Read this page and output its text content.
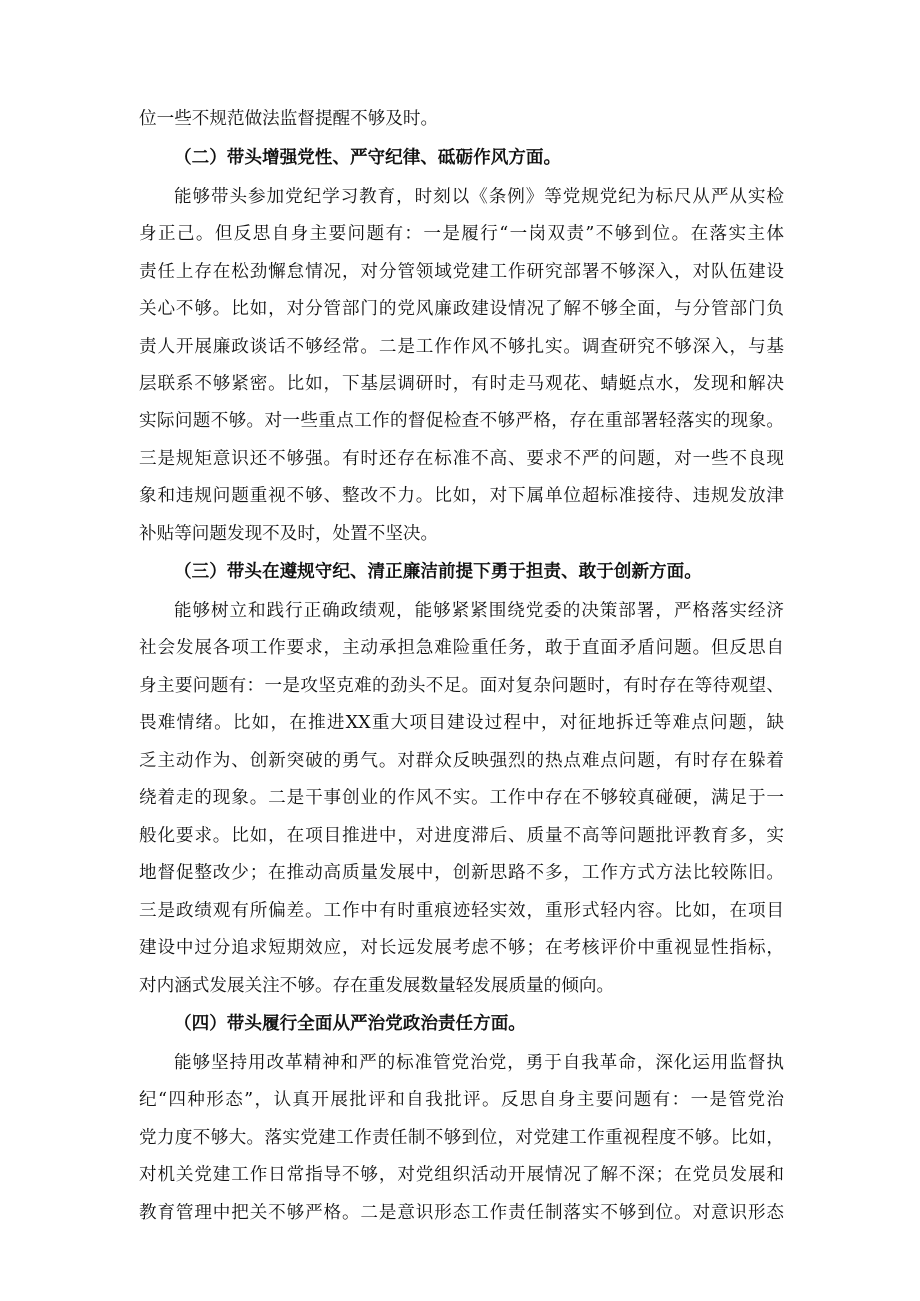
位一些不规范做法监督提醒不够及时。
（二）带头增强党性、严守纪律、砥砺作风方面。
能够带头参加党纪学习教育，时刻以《条例》等党规党纪为标尺从严从实检
身正己。但反思自身主要问题有：一是履行“一岗双责”不够到位。在落实主体
责任上存在松劲懈怠情况，对分管领域党建工作研究部署不够深入，对队伍建设
关心不够。比如，对分管部门的党风廉政建设情况了解不够全面，与分管部门负
责人开展廉政谈话不够经常。二是工作作风不够扎实。调查研究不够深入，与基
层联系不够紧密。比如，下基层调研时，有时走马观花、蜻蜓点水，发现和解决
实际问题不够。对一些重点工作的督促检查不够严格，存在重部署轻落实的现象。
三是规矩意识还不够强。有时还存在标准不高、要求不严的问题，对一些不良现
象和违规问题重视不够、整改不力。比如，对下属单位超标准接待、违规发放津
补贴等问题发现不及时，处置不坚决。
（三）带头在遵规守纪、清正廉洁前提下勇于担责、敢于创新方面。
能够树立和践行正确政绩观，能够紧紧围绕党委的决策部署，严格落实经济
社会发展各项工作要求，主动承担急难险重任务，敢于直面矛盾问题。但反思自
身主要问题有：一是攻坚克难的劲头不足。面对复杂问题时，有时存在等待观望、
畏难情绪。比如，在推进XX重大项目建设过程中，对征地拆迁等难点问题，缺
乏主动作为、创新突破的勇气。对群众反映强烈的热点难点问题，有时存在躲着
绕着走的现象。二是干事创业的作风不实。工作中存在不够较真碰硬，满足于一
般化要求。比如，在项目推进中，对进度滞后、质量不高等问题批评教育多，实
地督促整改少；在推动高质量发展中，创新思路不多，工作方式方法比较陈旧。
三是政绩观有所偏差。工作中有时重痕迹轻实效，重形式轻内容。比如，在项目
建设中过分追求短期效应，对长远发展考虑不够；在考核评价中重视显性指标，
对内涵式发展关注不够。存在重发展数量轻发展质量的倾向。
（四）带头履行全面从严治党政治责任方面。
能够坚持用改革精神和严的标准管党治党，勇于自我革命，深化运用监督执
纪“四种形态”，认真开展批评和自我批评。反思自身主要问题有：一是管党治
党力度不够大。落实党建工作责任制不够到位，对党建工作重视程度不够。比如，
对机关党建工作日常指导不够，对党组织活动开展情况了解不深；在党员发展和
教育管理中把关不够严格。二是意识形态工作责任制落实不够到位。对意识形态
